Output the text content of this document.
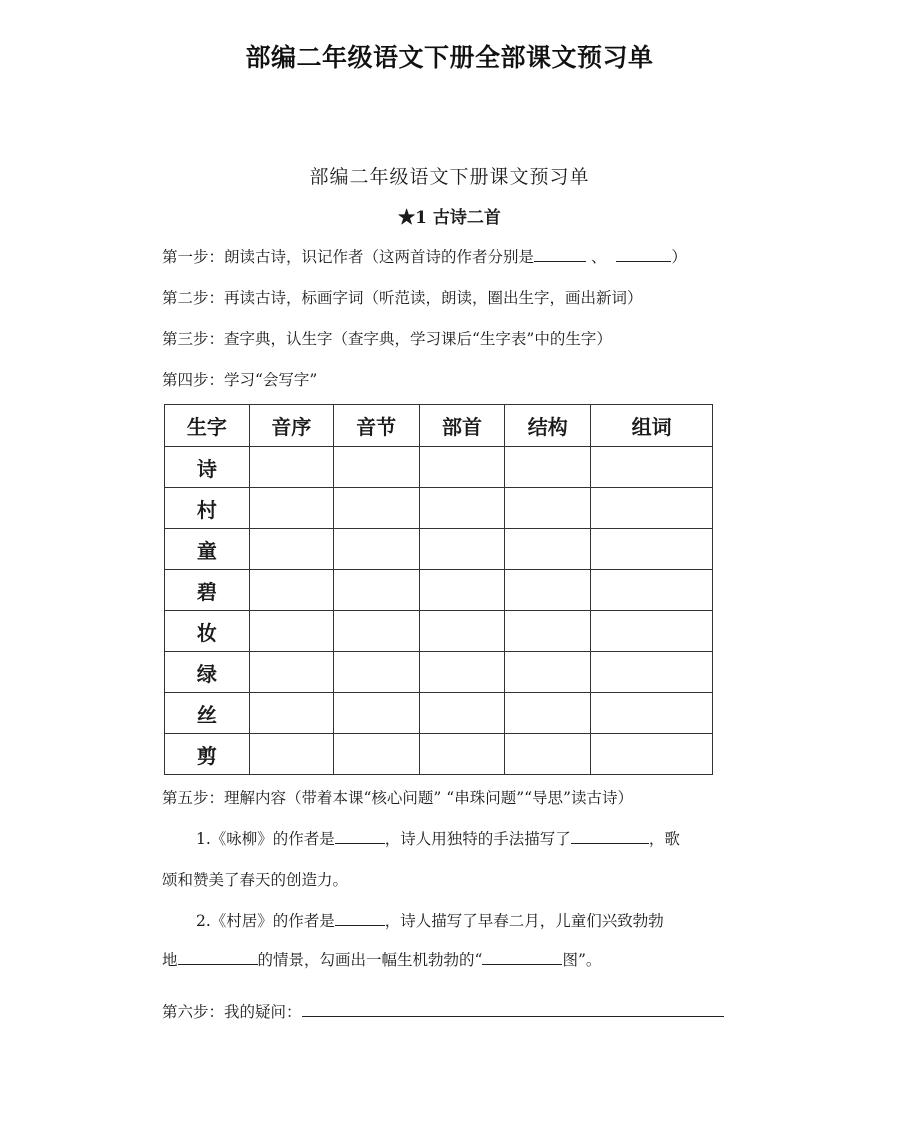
部编二年级语文下册全部课文预习单
部编二年级语文下册课文预习单
★1 古诗二首
第一步：朗读古诗，识记作者（这两首诗的作者分别是	、	）
第二步：再读古诗，标画字词（听范读，朗读，圈出生字，画出新词）
第三步：查字典，认生字（查字典，学习课后“生字表”中的生字）
第四步：学习“会写字”
生字	音序	音节	部首	结构	组词
诗					
村					
童					
碧					
妆					
绿					
丝					
剪					
第五步：理解内容（带着本课“核心问题” “串珠问题”“导思”读古诗）
1.《咏柳》的作者是	，诗人用独特的手法描写了	，歌
颂和赞美了春天的创造力。
2.《村居》的作者是	，诗人描写了早春二月，儿童们兴致勃勃
地	的情景，勾画出一幅生机勃勃的“	图”。
第六步：我的疑问：
